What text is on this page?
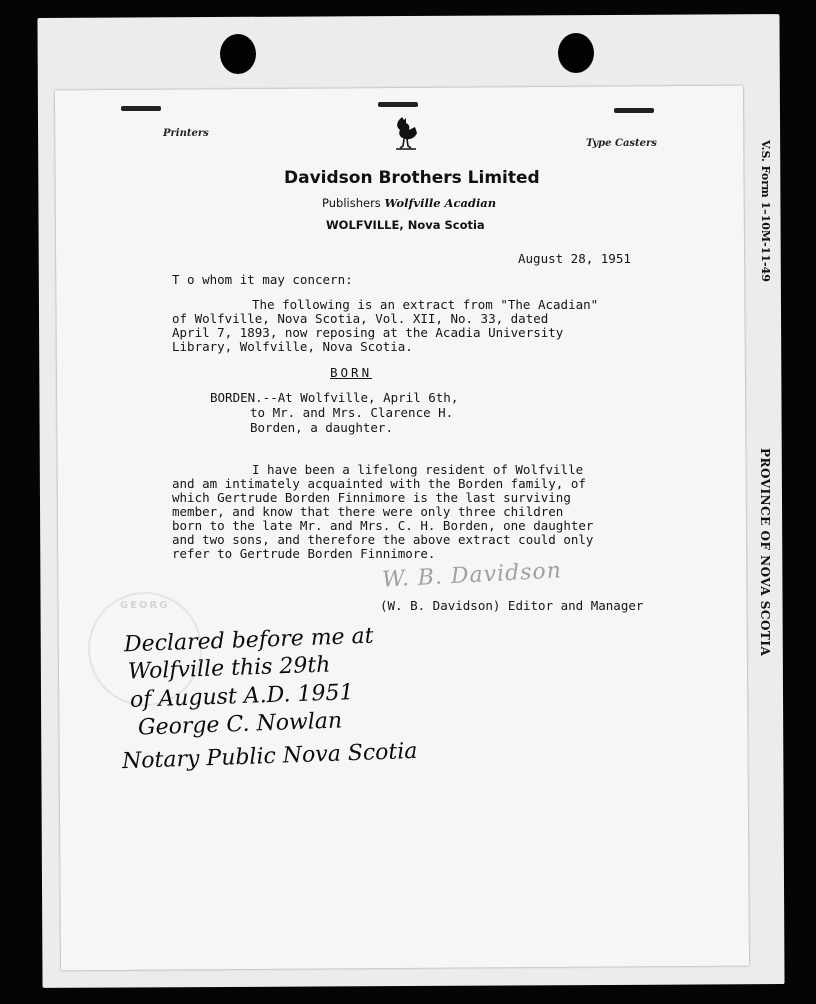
V.S. Form 1–10M-11-49
PROVINCE OF NOVA SCOTIA
Printers
Type Casters
Davidson Brothers Limited
Publishers Wolfville Acadian
WOLFVILLE, Nova Scotia
August 28, 1951
T o whom it may concern:
The following is an extract from "The Acadian"
of Wolfville, Nova Scotia, Vol. XII, No. 33, dated
April 7, 1893, now reposing at the Acadia University
Library, Wolfville, Nova Scotia.
BORN
BORDEN.--At Wolfville, April 6th,
to Mr. and Mrs. Clarence H.
Borden, a daughter.
I have been a lifelong resident of Wolfville
and am intimately acquainted with the Borden family, of
which Gertrude Borden Finnimore is the last surviving
member, and know that there were only three children
born to the late Mr. and Mrs. C. H. Borden, one daughter
and two sons, and therefore the above extract could only
refer to Gertrude Borden Finnimore.
W. B. Davidson
(W. B. Davidson) Editor and Manager
GEORG
Declared before me at
Wolfville this 29th
of August A.D. 1951
George C. Nowlan
Notary Public Nova Scotia
